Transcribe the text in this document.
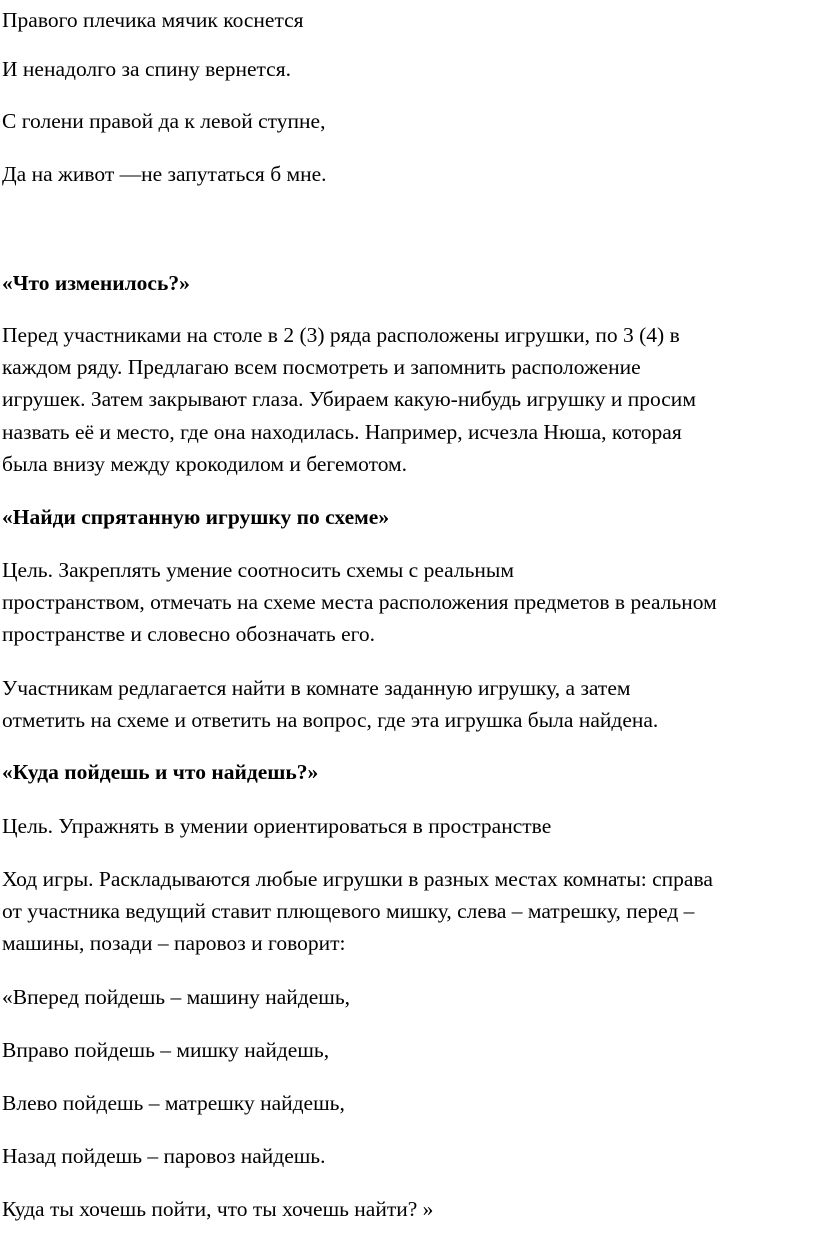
Правого плечика мячик коснется
И ненадолго за спину вернется.
С голени правой да к левой ступне,
Да на живот —не запутаться б мне.
«Что изменилось?»
Перед участниками на столе в 2 (3) ряда расположены игрушки, по 3 (4) в
каждом ряду. Предлагаю всем посмотреть и запомнить расположение
игрушек. Затем закрывают глаза. Убираем какую-нибудь игрушку и просим
назвать её и место, где она находилась. Например, исчезла Нюша, которая
была внизу между крокодилом и бегемотом.
«Найди спрятанную игрушку по схеме»
Цель. Закреплять умение соотносить схемы с реальным
пространством, отмечать на схеме места расположения предметов в реальном
пространстве и словесно обозначать его.
Участникам редлагается найти в комнате заданную игрушку, а затем
отметить на схеме и ответить на вопрос, где эта игрушка была найдена.
«Куда пойдешь и что найдешь?»
Цель. Упражнять в умении ориентироваться в пространстве
Ход игры. Раскладываются любые игрушки в разных местах комнаты: справа
от участника ведущий ставит плющевого мишку, слева – матрешку, перед –
машины, позади – паровоз и говорит:
«Вперед пойдешь – машину найдешь,
Вправо пойдешь – мишку найдешь,
Влево пойдешь – матрешку найдешь,
Назад пойдешь – паровоз найдешь.
Куда ты хочешь пойти, что ты хочешь найти? »
